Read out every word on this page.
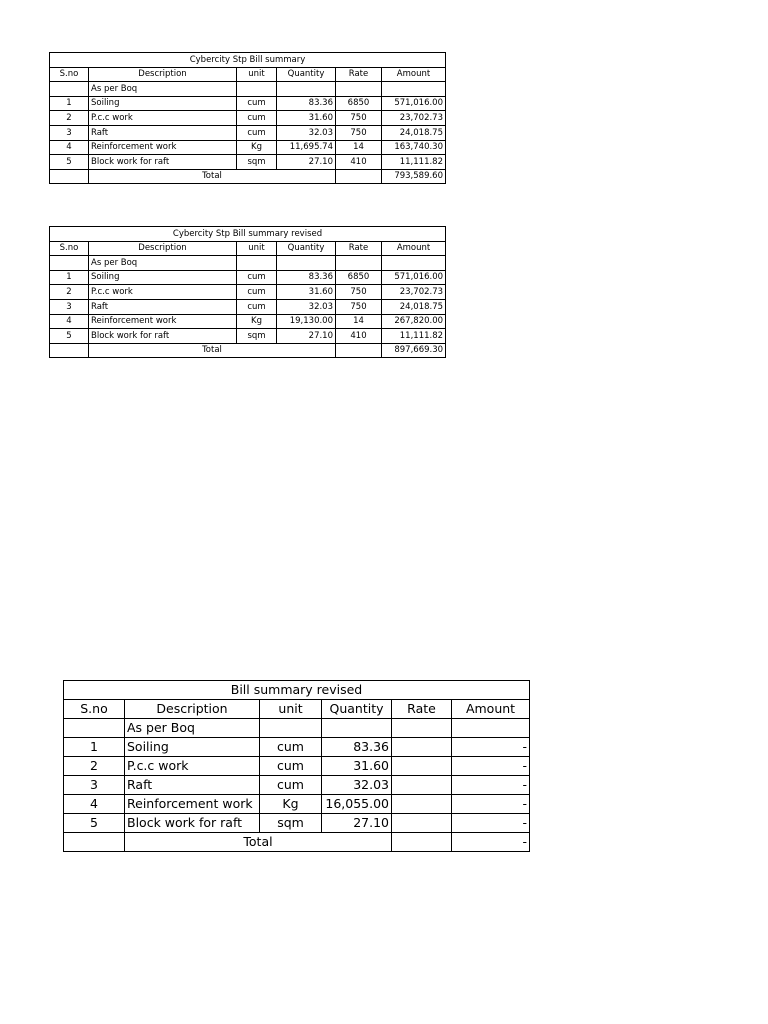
Cybercity Stp Bill summary					
S.no	Description	unit	Quantity	Rate	Amount
	As per Boq				
1	Soiling	cum	83.36	6850	571,016.00
2	P.c.c work	cum	31.60	750	23,702.73
3	Raft	cum	32.03	750	24,018.75
4	Reinforcement work	Kg	11,695.74	14	163,740.30
5	Block work for raft	sqm	27.10	410	11,111.82
	Total				793,589.60
Cybercity Stp Bill summary revised					
S.no	Description	unit	Quantity	Rate	Amount
	As per Boq				
1	Soiling	cum	83.36	6850	571,016.00
2	P.c.c work	cum	31.60	750	23,702.73
3	Raft	cum	32.03	750	24,018.75
4	Reinforcement work	Kg	19,130.00	14	267,820.00
5	Block work for raft	sqm	27.10	410	11,111.82
	Total				897,669.30
Bill summary revised					
S.no	Description	unit	Quantity	Rate	Amount
	As per Boq				
1	Soiling	cum	83.36		-
2	P.c.c work	cum	31.60		-
3	Raft	cum	32.03		-
4	Reinforcement work	Kg	16,055.00		-
5	Block work for raft	sqm	27.10		-
	Total				-
